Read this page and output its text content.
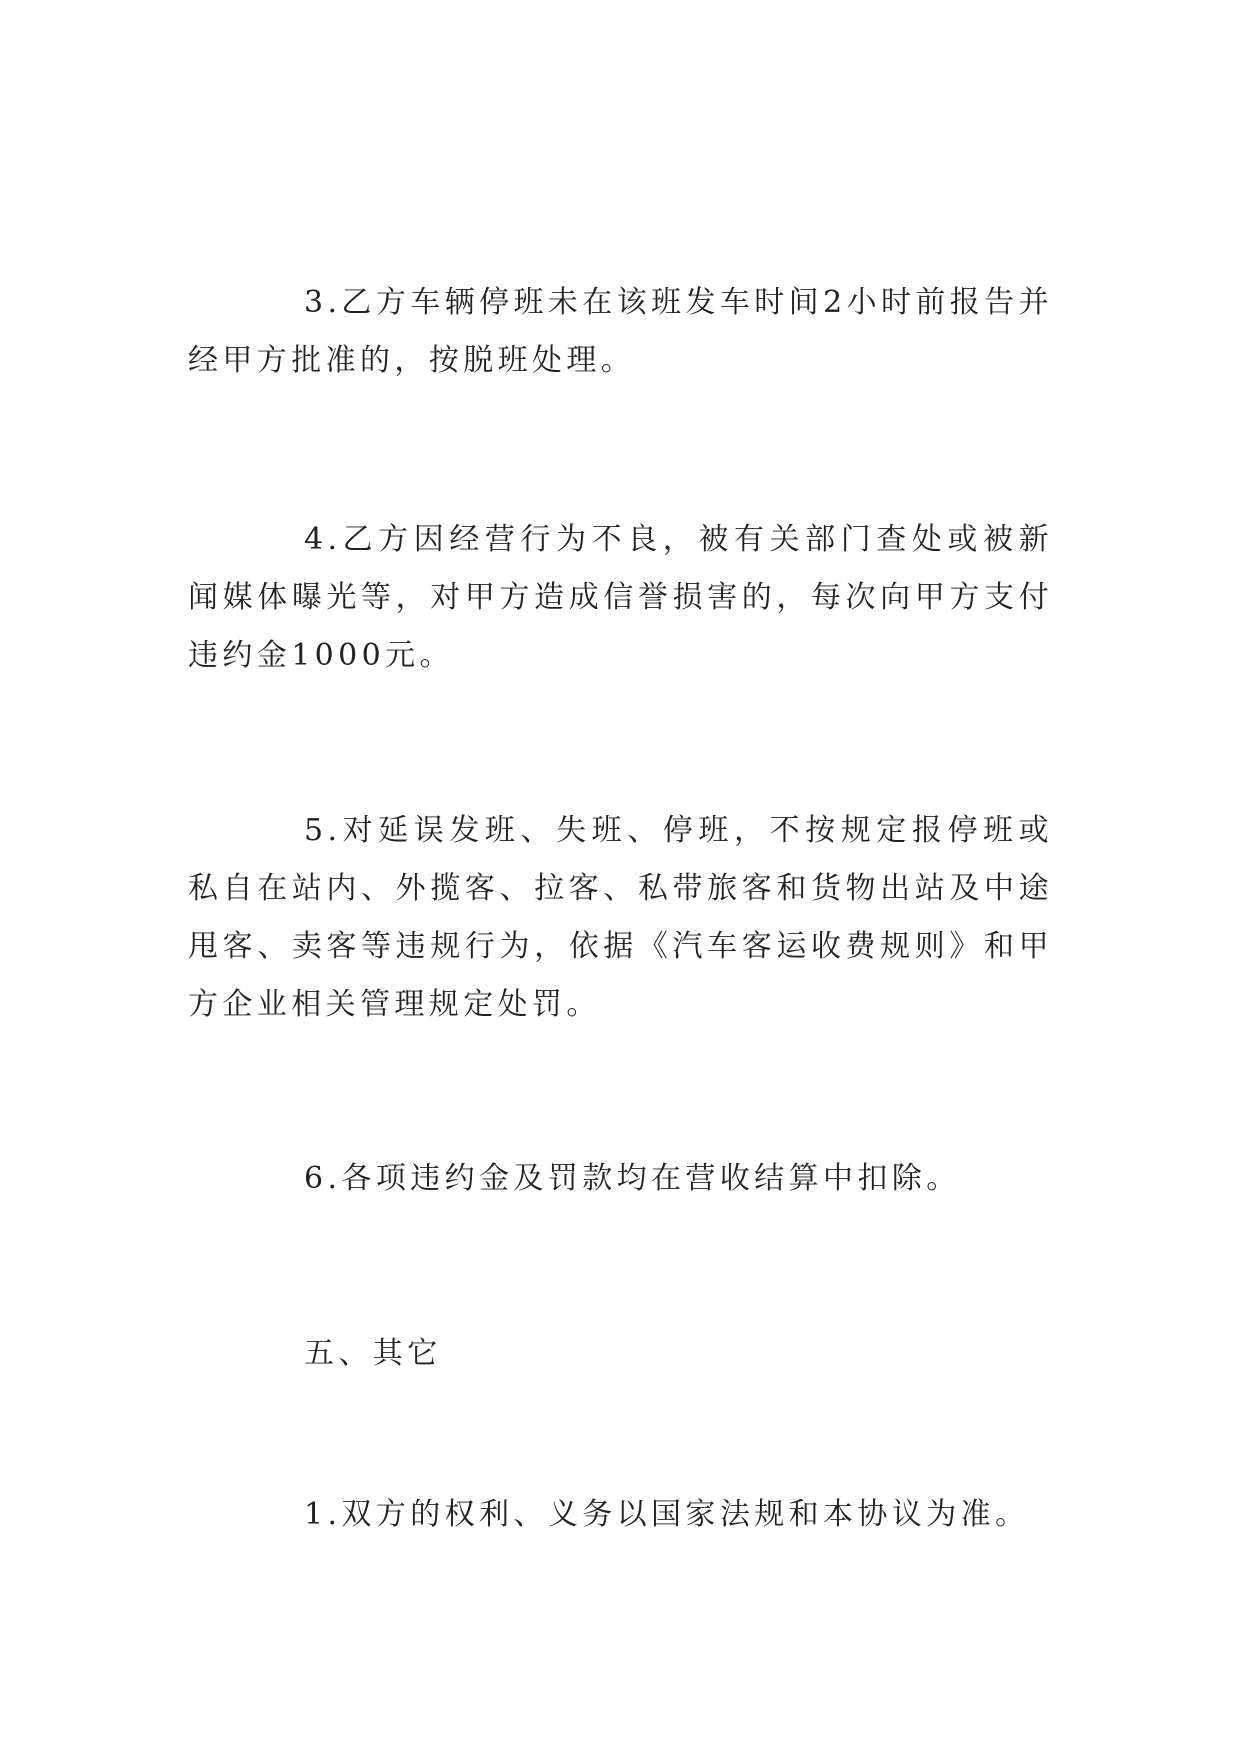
3.乙方车辆停班未在该班发车时间2小时前报告并经甲方批准的，按脱班处理。

4.乙方因经营行为不良，被有关部门查处或被新闻媒体曝光等，对甲方造成信誉损害的，每次向甲方支付违约金1000元。

5.对延误发班、失班、停班，不按规定报停班或私自在站内、外揽客、拉客、私带旅客和货物出站及中途甩客、卖客等违规行为，依据《汽车客运收费规则》和甲方企业相关管理规定处罚。

6.各项违约金及罚款均在营收结算中扣除。

五、其它

1.双方的权利、义务以国家法规和本协议为准。
